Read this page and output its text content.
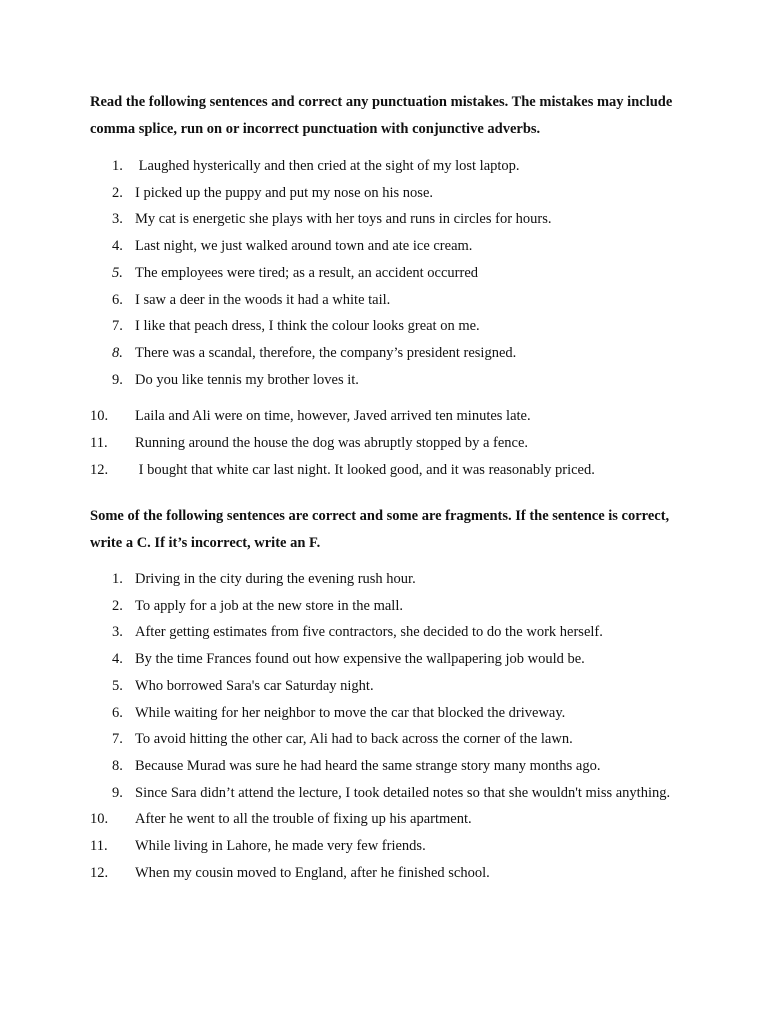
Read the following sentences and correct any punctuation mistakes. The mistakes may include comma splice, run on or incorrect punctuation with conjunctive adverbs.

1. Laughed hysterically and then cried at the sight of my lost laptop.
2. I picked up the puppy and put my nose on his nose.
3. My cat is energetic she plays with her toys and runs in circles for hours.
4. Last night, we just walked around town and ate ice cream.
5. The employees were tired; as a result, an accident occurred
6. I saw a deer in the woods it had a white tail.
7. I like that peach dress, I think the colour looks great on me.
8. There was a scandal, therefore, the company’s president resigned.
9. Do you like tennis my brother loves it.
10. Laila and Ali were on time, however, Javed arrived ten minutes late.
11. Running around the house the dog was abruptly stopped by a fence.
12. I bought that white car last night. It looked good, and it was reasonably priced.

Some of the following sentences are correct and some are fragments. If the sentence is correct, write a C. If it’s incorrect, write an F.

1. Driving in the city during the evening rush hour.
2. To apply for a job at the new store in the mall.
3. After getting estimates from five contractors, she decided to do the work herself.
4. By the time Frances found out how expensive the wallpapering job would be.
5. Who borrowed Sara's car Saturday night.
6. While waiting for her neighbor to move the car that blocked the driveway.
7. To avoid hitting the other car, Ali had to back across the corner of the lawn.
8. Because Murad was sure he had heard the same strange story many months ago.
9. Since Sara didn’t attend the lecture, I took detailed notes so that she wouldn't miss anything.
10. After he went to all the trouble of fixing up his apartment.
11. While living in Lahore, he made very few friends.
12. When my cousin moved to England, after he finished school.
